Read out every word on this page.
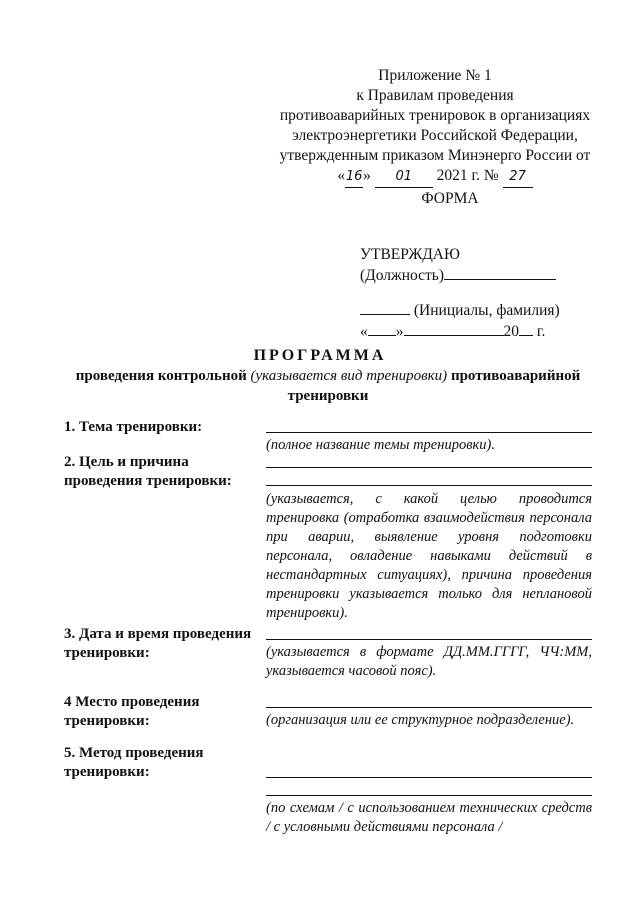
Приложение № 1
к Правилам проведения
противоаварийных тренировок в организациях
электроэнергетики Российской Федерации,
утвержденным приказом Минэнерго России от
«16» 01 2021 г. № 27
ФОРМА
УТВЕРЖДАЮ
(Должность)
(Инициалы, фамилия)
« »	20 г.
ПРОГРАММА
проведения контрольной (указывается вид тренировки) противоаварийной
тренировки
1. Тема тренировки:
(полное название темы тренировки).
2. Цель и причина проведения тренировки:
(указывается, с какой целью проводится тренировка (отработка взаимодействия персонала при аварии, выявление уровня подготовки персонала, овладение навыками действий в нестандартных ситуациях), причина проведения тренировки указывается только для неплановой тренировки).
3. Дата и время проведения тренировки:	(указывается в формате ДД.ММ.ГГГГ, ЧЧ:ММ, указывается часовой пояс).
4 Место проведения тренировки:	(организация или ее структурное подразделение).
5. Метод проведения тренировки:
(по схемам / с использованием технических средств / с условными действиями персонала /
